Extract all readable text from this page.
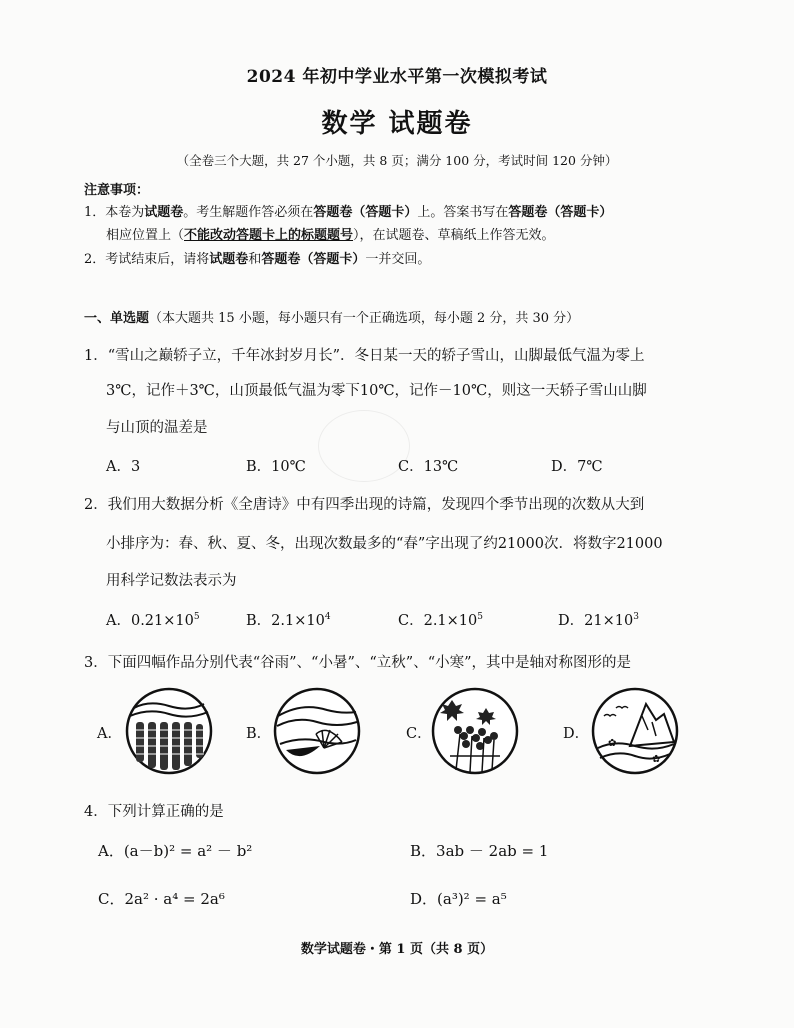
2024 年初中学业水平第一次模拟考试
数学 试题卷
（全卷三个大题，共 27 个小题，共 8 页；满分 100 分，考试时间 120 分钟）
注意事项：
1．本卷为试题卷。考生解题作答必须在答题卷（答题卡）上。答案书写在答题卷（答题卡）
相应位置上（不能改动答题卡上的标题题号），在试题卷、草稿纸上作答无效。
2．考试结束后，请将试题卷和答题卷（答题卡）一并交回。
一、单选题（本大题共 15 小题，每小题只有一个正确选项，每小题 2 分，共 30 分）
1．“雪山之巅轿子立，千年冰封岁月长”．冬日某一天的轿子雪山，山脚最低气温为零上
3℃，记作＋3℃，山顶最低气温为零下10℃，记作－10℃，则这一天轿子雪山山脚
与山顶的温差是
A．3	B．10℃	C．13℃	D．7℃
2．我们用大数据分析《全唐诗》中有四季出现的诗篇，发现四个季节出现的次数从大到
小排序为：春、秋、夏、冬，出现次数最多的“春”字出现了约21000次．将数字21000
用科学记数法表示为
A．$0.21\times 10^5$	B．$2.1\times 10^4$	C．$2.1\times 10^5$	D．$21\times 10^3$
3．下面四幅作品分别代表“谷雨”、“小暑”、“立秋”、“小寒”，其中是轴对称图形的是
A．	B．	C．	D．
✿
✿
4．下列计算正确的是
A．(a－b)² = a² － b²	B．3ab － 2ab = 1
C．2a² · a⁴ = 2a⁶	D．(a³)² = a⁵
数学试题卷・第 1 页（共 8 页）
